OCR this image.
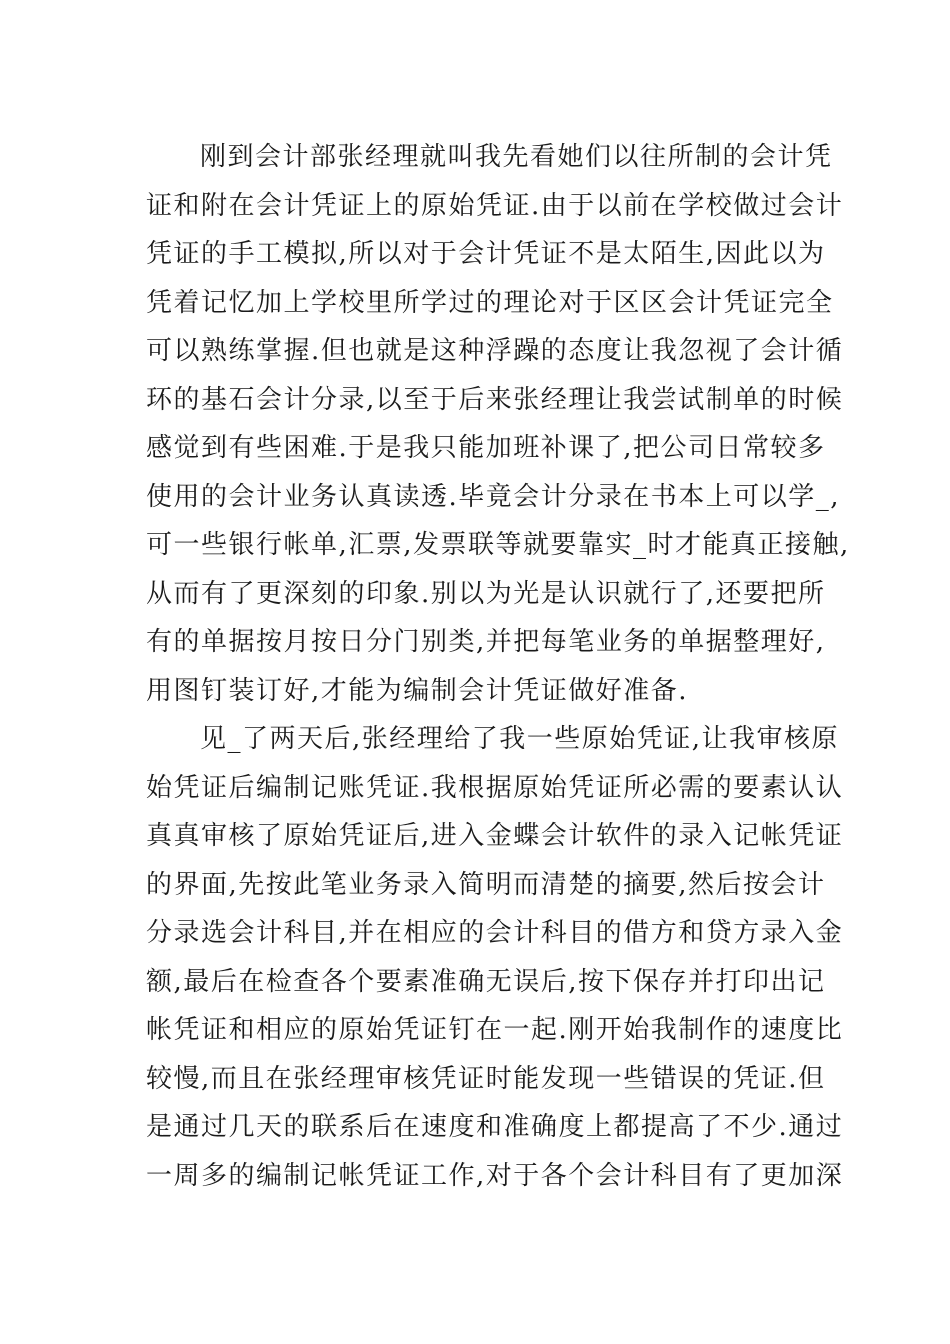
刚到会计部张经理就叫我先看她们以往所制的会计凭
证和附在会计凭证上的原始凭证.由于以前在学校做过会计
凭证的手工模拟,所以对于会计凭证不是太陌生,因此以为
凭着记忆加上学校里所学过的理论对于区区会计凭证完全
可以熟练掌握.但也就是这种浮躁的态度让我忽视了会计循
环的基石会计分录,以至于后来张经理让我尝试制单的时候
感觉到有些困难.于是我只能加班补课了,把公司日常较多
使用的会计业务认真读透.毕竟会计分录在书本上可以学_,
可一些银行帐单,汇票,发票联等就要靠实_时才能真正接触,
从而有了更深刻的印象.别以为光是认识就行了,还要把所
有的单据按月按日分门别类,并把每笔业务的单据整理好,
用图钉装订好,才能为编制会计凭证做好准备.
见_了两天后,张经理给了我一些原始凭证,让我审核原
始凭证后编制记账凭证.我根据原始凭证所必需的要素认认
真真审核了原始凭证后,进入金蝶会计软件的录入记帐凭证
的界面,先按此笔业务录入简明而清楚的摘要,然后按会计
分录选会计科目,并在相应的会计科目的借方和贷方录入金
额,最后在检查各个要素准确无误后,按下保存并打印出记
帐凭证和相应的原始凭证钉在一起.刚开始我制作的速度比
较慢,而且在张经理审核凭证时能发现一些错误的凭证.但
是通过几天的联系后在速度和准确度上都提高了不少.通过
一周多的编制记帐凭证工作,对于各个会计科目有了更加深
